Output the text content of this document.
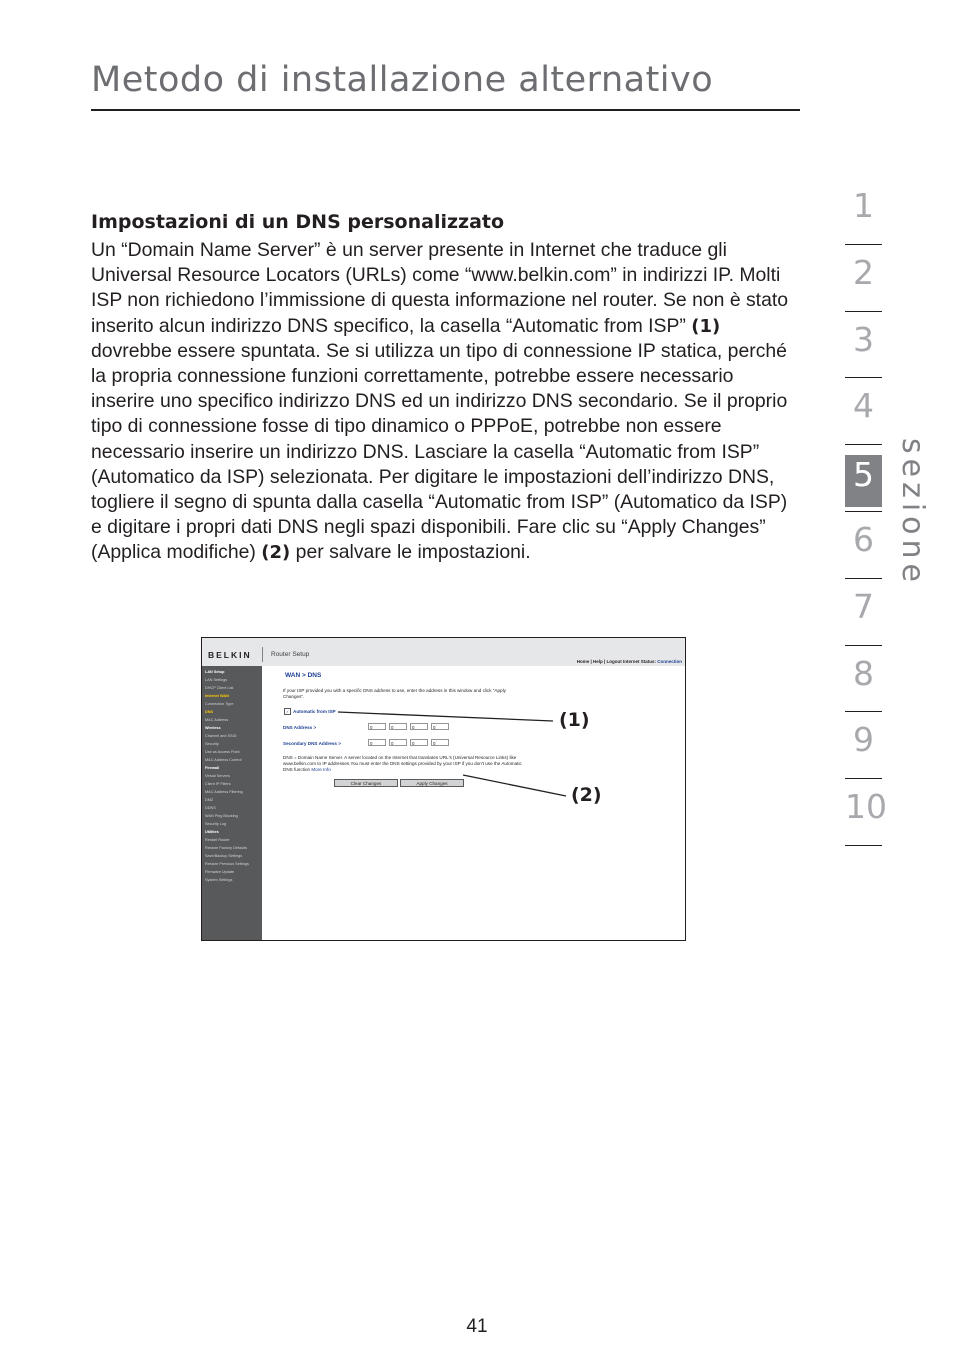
Metodo di installazione alternativo
Impostazioni di un DNS personalizzato

Un “Domain Name Server” è un server presente in Internet che traduce gli Universal Resource Locators (URLs) come “www.belkin.com” in indirizzi IP. Molti ISP non richiedono l’immissione di questa informazione nel router. Se non è stato inserito alcun indirizzo DNS specifico, la casella “Automatic from ISP” (1) dovrebbe essere spuntata. Se si utilizza un tipo di connessione IP statica, perché la propria connessione funzioni correttamente, potrebbe essere necessario inserire uno specifico indirizzo DNS ed un indirizzo DNS secondario. Se il proprio tipo di connessione fosse di tipo dinamico o PPPoE, potrebbe non essere necessario inserire un indirizzo DNS. Lasciare la casella “Automatic from ISP” (Automatico da ISP) selezionata. Per digitare le impostazioni dell’indirizzo DNS, togliere il segno di spunta dalla casella “Automatic from ISP” (Automatico da ISP) e digitare i propri dati DNS negli spazi disponibili. Fare clic su “Apply Changes” (Applica modifiche) (2) per salvare le impostazioni.

1
2
3
4
5
6
7
8
9
10
sezione
BELKIN	Router Setup
Home | Help | Logout Internet Status: Connection
LAN Setup
LAN Settings
DHCP Client List
Internet WAN
Connection Type
DNS
MAC Address
Wireless
Channel and SSID
Security
Use as Access Point
MAC Address Control
Firewall
Virtual Servers
Client IP Filters
MAC Address Filtering
DMZ
DDNS
WAN Ping Blocking
Security Log
Utilities
Restart Router
Restore Factory Defaults
Save/Backup Settings
Restore Previous Settings
Firmware Update
System Settings
WAN > DNS
If your ISP provided you with a specific DNS address to use, enter the address in this window and click "Apply Changes".
✓ Automatic from ISP
DNS Address >	0	0	0	0
Secondary DNS Address >	0	0	0	0
DNS = Domain Name Server. A server located on the Internet that translates URL's (Universal Resource Links) like www.belkin.com to IP addresses.You must enter the DNS settings provided by your ISP if you don't use the Automatic DNS function More Info
Clear Changes	Apply Changes
(1)
(2)
41
